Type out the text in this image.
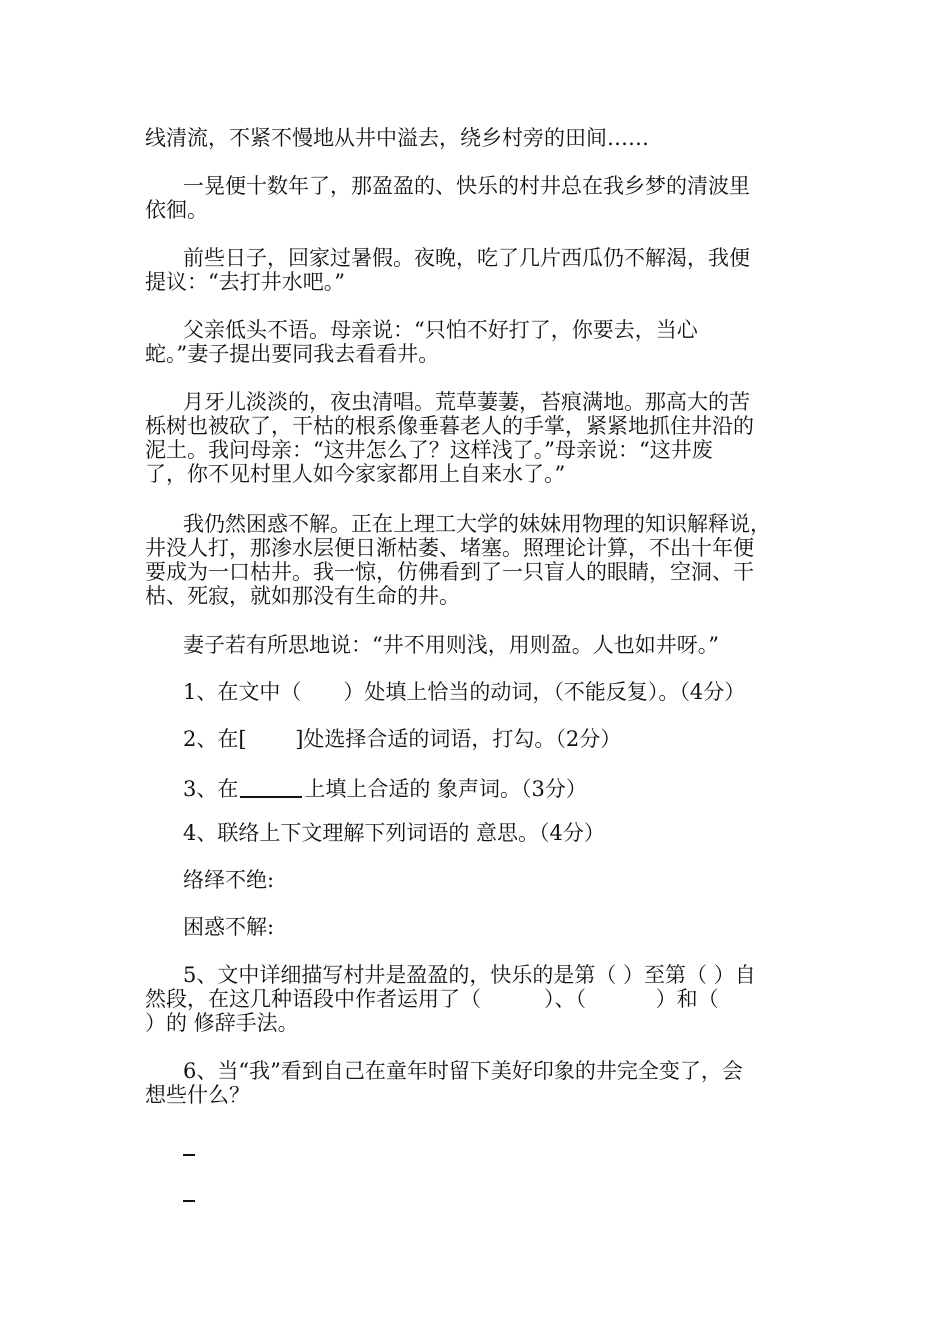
线清流，不紧不慢地从井中溢去，绕乡村旁的田间……
一晃便十数年了，那盈盈的、快乐的村井总在我乡梦的清波里
依徊。
前些日子，回家过暑假。夜晚，吃了几片西瓜仍不解渴，我便
提议：“去打井水吧。”
父亲低头不语。母亲说：“只怕不好打了，你要去，当心
蛇。”妻子提出要同我去看看井。
月牙儿淡淡的，夜虫清唱。荒草萋萋，苔痕满地。那高大的苦
栎树也被砍了，干枯的根系像垂暮老人的手掌，紧紧地抓住井沿的
泥土。我问母亲：“这井怎么了？这样浅了。”母亲说：“这井废
了，你不见村里人如今家家都用上自来水了。”
我仍然困惑不解。正在上理工大学的妹妹用物理的知识解释说，
井没人打，那渗水层便日渐枯萎、堵塞。照理论计算，不出十年便
要成为一口枯井。我一惊，仿佛看到了一只盲人的眼睛，空洞、干
枯、死寂，就如那没有生命的井。
妻子若有所思地说：“井不用则浅，用则盈。人也如井呀。”
1、在文中（　　）处填上恰当的动词，（不能反复）。（4分）
2、在[　　 ]处选择合适的词语，打勾。（2分）
3、在	上填上合适的 象声词。（3分）
4、联络上下文理解下列词语的 意思。（4分）
络绎不绝:
困惑不解:
5、文中详细描写村井是盈盈的，快乐的是第（ ）至第（ ）自
然段，在这几种语段中作者运用了（　　　）、（　　　 ）和（
）的 修辞手法。
6、当“我”看到自己在童年时留下美好印象的井完全变了，会
想些什么？
